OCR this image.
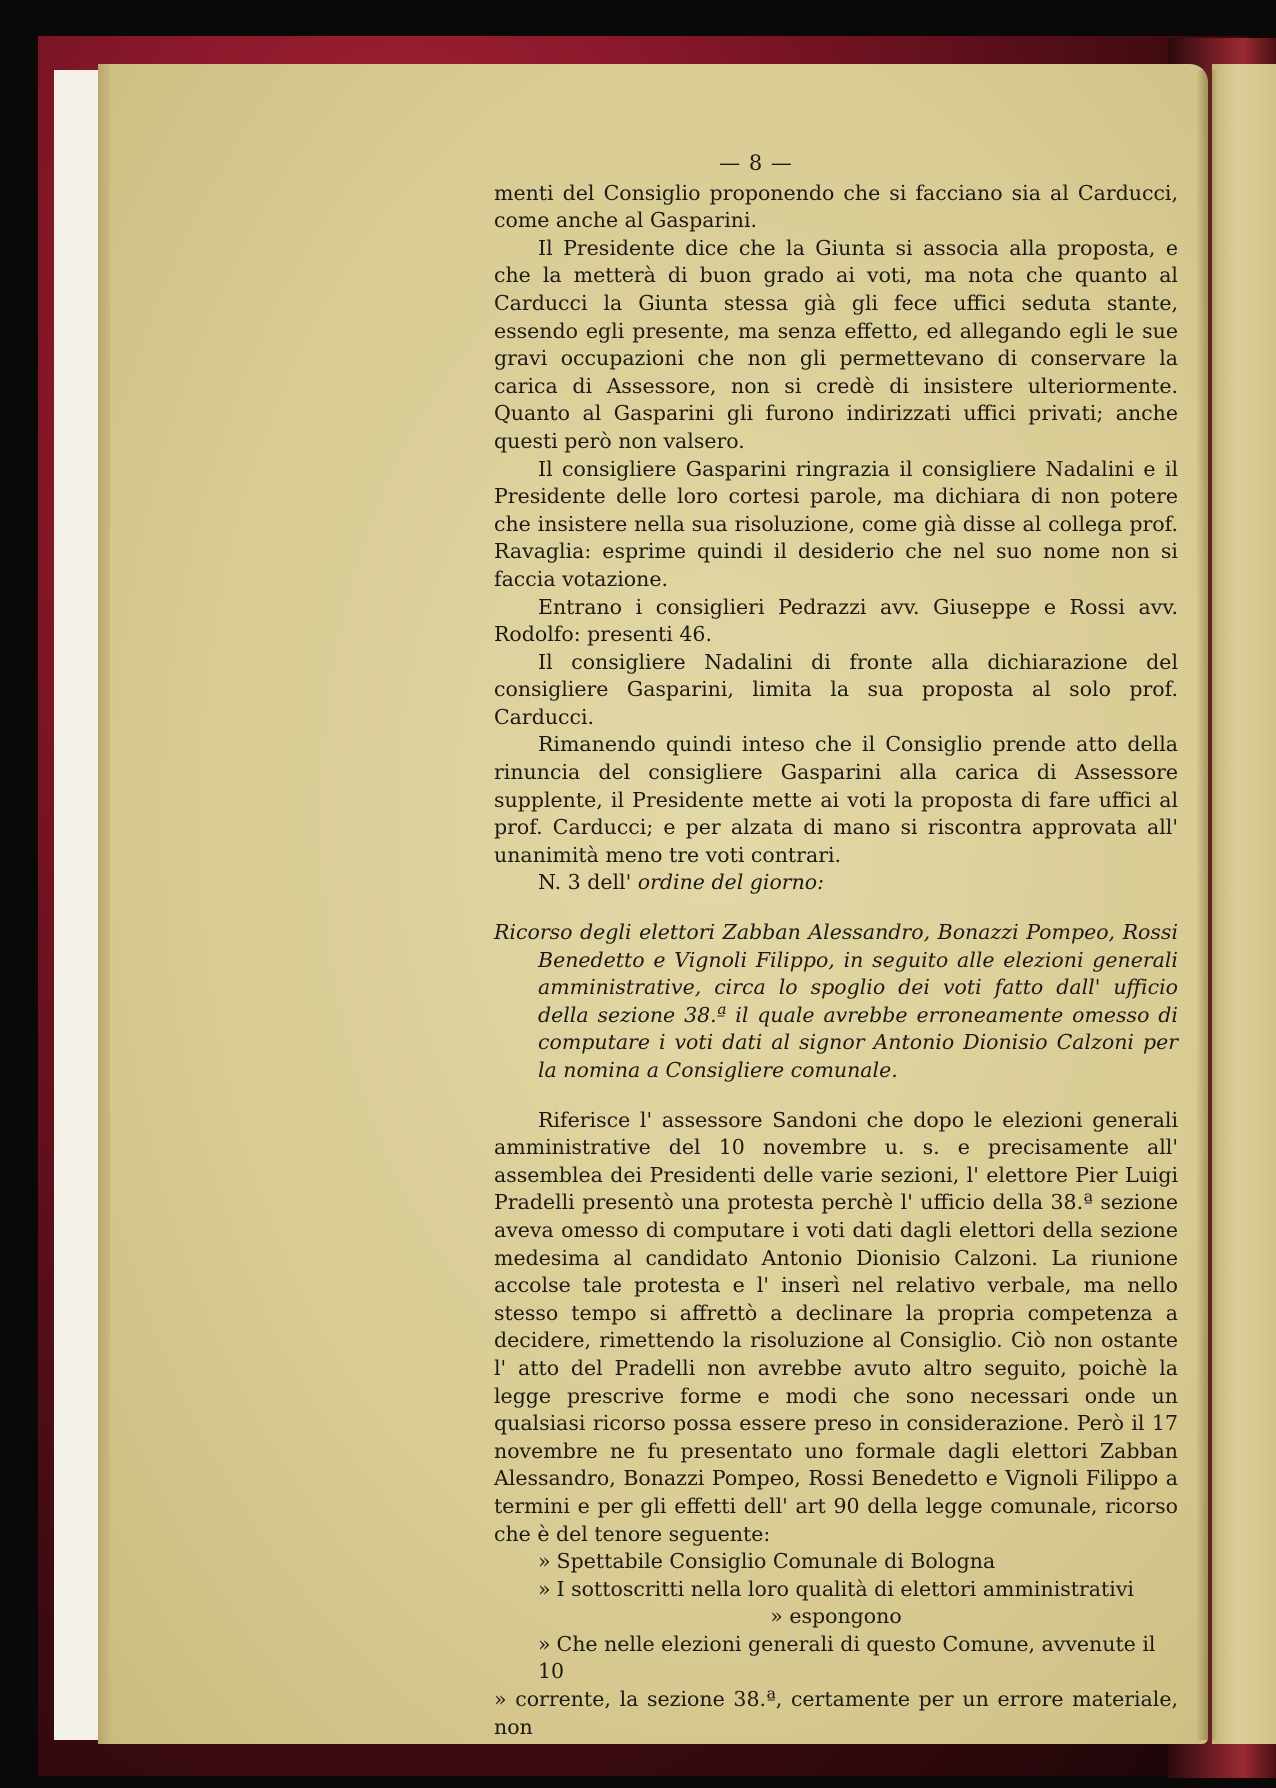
— 8 —

menti del Consiglio proponendo che si facciano sia al Carducci, come anche al Gasparini.

Il Presidente dice che la Giunta si associa alla proposta, e che la metterà di buon grado ai voti, ma nota che quanto al Carducci la Giunta stessa già gli fece uffici seduta stante, essendo egli presente, ma senza effetto, ed allegando egli le sue gravi occupazioni che non gli permettevano di conservare la carica di Assessore, non si credè di insistere ulteriormente. Quanto al Gasparini gli furono indirizzati uffici privati; anche questi però non valsero.

Il consigliere Gasparini ringrazia il consigliere Nadalini e il Presidente delle loro cortesi parole, ma dichiara di non potere che insistere nella sua risoluzione, come già disse al collega prof. Ravaglia: esprime quindi il desiderio che nel suo nome non si faccia votazione.

Entrano i consiglieri Pedrazzi avv. Giuseppe e Rossi avv. Rodolfo: presenti 46.

Il consigliere Nadalini di fronte alla dichiarazione del consigliere Gasparini, limita la sua proposta al solo prof. Carducci.

Rimanendo quindi inteso che il Consiglio prende atto della rinuncia del consigliere Gasparini alla carica di Assessore supplente, il Presidente mette ai voti la proposta di fare uffici al prof. Carducci; e per alzata di mano si riscontra approvata all' unanimità meno tre voti contrari.

N. 3 dell' ordine del giorno:

Ricorso degli elettori Zabban Alessandro, Bonazzi Pompeo, Rossi Benedetto e Vignoli Filippo, in seguito alle elezioni generali amministrative, circa lo spoglio dei voti fatto dall' ufficio della sezione 38.ª il quale avrebbe erroneamente omesso di computare i voti dati al signor Antonio Dionisio Calzoni per la nomina a Consigliere comunale.

Riferisce l' assessore Sandoni che dopo le elezioni generali amministrative del 10 novembre u. s. e precisamente all' assemblea dei Presidenti delle varie sezioni, l' elettore Pier Luigi Pradelli presentò una protesta perchè l' ufficio della 38.ª sezione aveva omesso di computare i voti dati dagli elettori della sezione medesima al candidato Antonio Dionisio Calzoni. La riunione accolse tale protesta e l' inserì nel relativo verbale, ma nello stesso tempo si affrettò a declinare la propria competenza a decidere, rimettendo la risoluzione al Consiglio. Ciò non ostante l' atto del Pradelli non avrebbe avuto altro seguito, poichè la legge prescrive forme e modi che sono necessari onde un qualsiasi ricorso possa essere preso in considerazione. Però il 17 novembre ne fu presentato uno formale dagli elettori Zabban Alessandro, Bonazzi Pompeo, Rossi Benedetto e Vignoli Filippo a termini e per gli effetti dell' art 90 della legge comunale, ricorso che è del tenore seguente:

» Spettabile Consiglio Comunale di Bologna

» I sottoscritti nella loro qualità di elettori amministrativi

» espongono

» Che nelle elezioni generali di questo Comune, avvenute il 10

» corrente, la sezione 38.ª, certamente per un errore materiale, non
